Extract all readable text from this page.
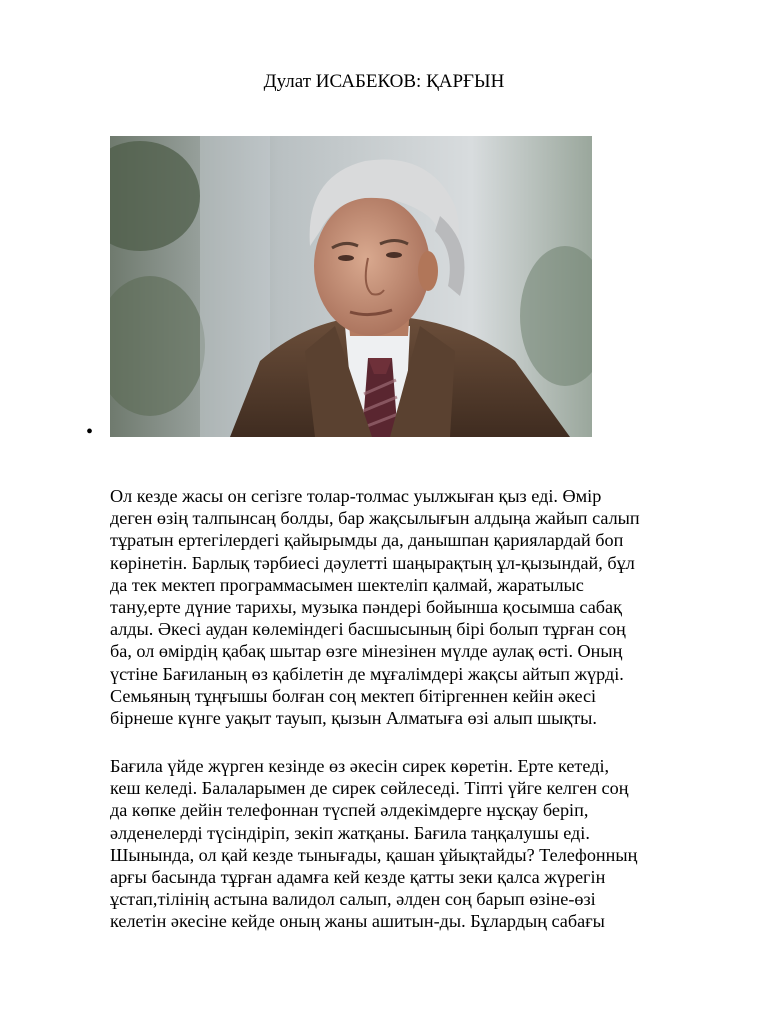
Дулат ИСАБЕКОВ: ҚАРҒЫН
•

Ол кезде жасы он сегізге толар-толмас уылжыған қыз еді. Өмір
деген өзің талпынсаң болды, бар жақсылығын алдыңа жайып салып
тұратын ертегілердегі қайырымды да, данышпан қариялардай боп
көрінетін. Барлық тәрбиесі дәулетті шаңырақтың ұл-қызындай, бұл
да тек мектеп программасымен шектеліп қалмай, жаратылыс
тану,ерте дүние тарихы, музыка пәндері бойынша қосымша сабақ
алды. Әкесі аудан көлеміндегі басшысының бірі болып тұрған соң
ба, ол өмірдің қабақ шытар өзге мінезінен мүлде аулақ өсті. Оның
үстіне Бағиланың өз қабілетін де мұғалімдері жақсы айтып жүрді.
Семьяның тұңғышы болған соң мектеп бітіргеннен кейін әкесі
бірнеше күнге уақыт тауып, қызын Алматыға өзі алып шықты.

Бағила үйде жүрген кезінде өз әкесін сирек көретін. Ерте кетеді,
кеш келеді. Балаларымен де сирек сөйлеседі. Тіпті үйге келген соң
да көпке дейін телефоннан түспей әлдекімдерге нұсқау беріп,
әлденелерді түсіндіріп, зекіп жатқаны. Бағила таңқалушы еді.
Шынында, ол қай кезде тынығады, қашан ұйықтайды? Телефонның
арғы басында тұрған адамға кей кезде қатты зеки қалса жүрегін
ұстап,тілінің астына валидол салып, әлден соң барып өзіне-өзі
келетін әкесіне кейде оның жаны ашитын-ды. Бұлардың сабағы
